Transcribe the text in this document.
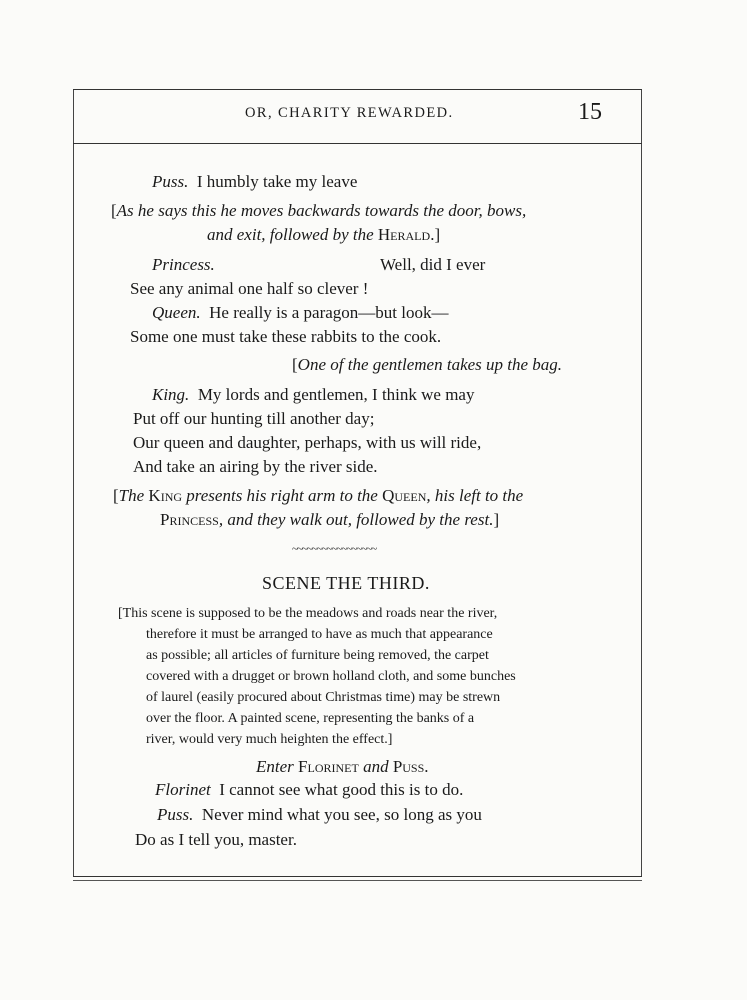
OR, CHARITY REWARDED.	15
Puss. I humbly take my leave
[As he says this he moves backwards towards the door, bows,
and exit, followed by the Herald.]
Princess.	Well, did I ever
See any animal one half so clever !
Queen. He really is a paragon—but look—
Some one must take these rabbits to the cook.
[One of the gentlemen takes up the bag.
King. My lords and gentlemen, I think we may
Put off our hunting till another day;
Our queen and daughter, perhaps, with us will ride,
And take an airing by the river side.
[The King presents his right arm to the Queen, his left to the
Princess, and they walk out, followed by the rest.]
~~~~~~~~~~~~~~~~~
SCENE THE THIRD.
[This scene is supposed to be the meadows and roads near the river,
therefore it must be arranged to have as much that appearance
as possible; all articles of furniture being removed, the carpet
covered with a drugget or brown holland cloth, and some bunches
of laurel (easily procured about Christmas time) may be strewn
over the floor. A painted scene, representing the banks of a
river, would very much heighten the effect.]
Enter Florinet and Puss.
Florinet I cannot see what good this is to do.
Puss. Never mind what you see, so long as you
Do as I tell you, master.
